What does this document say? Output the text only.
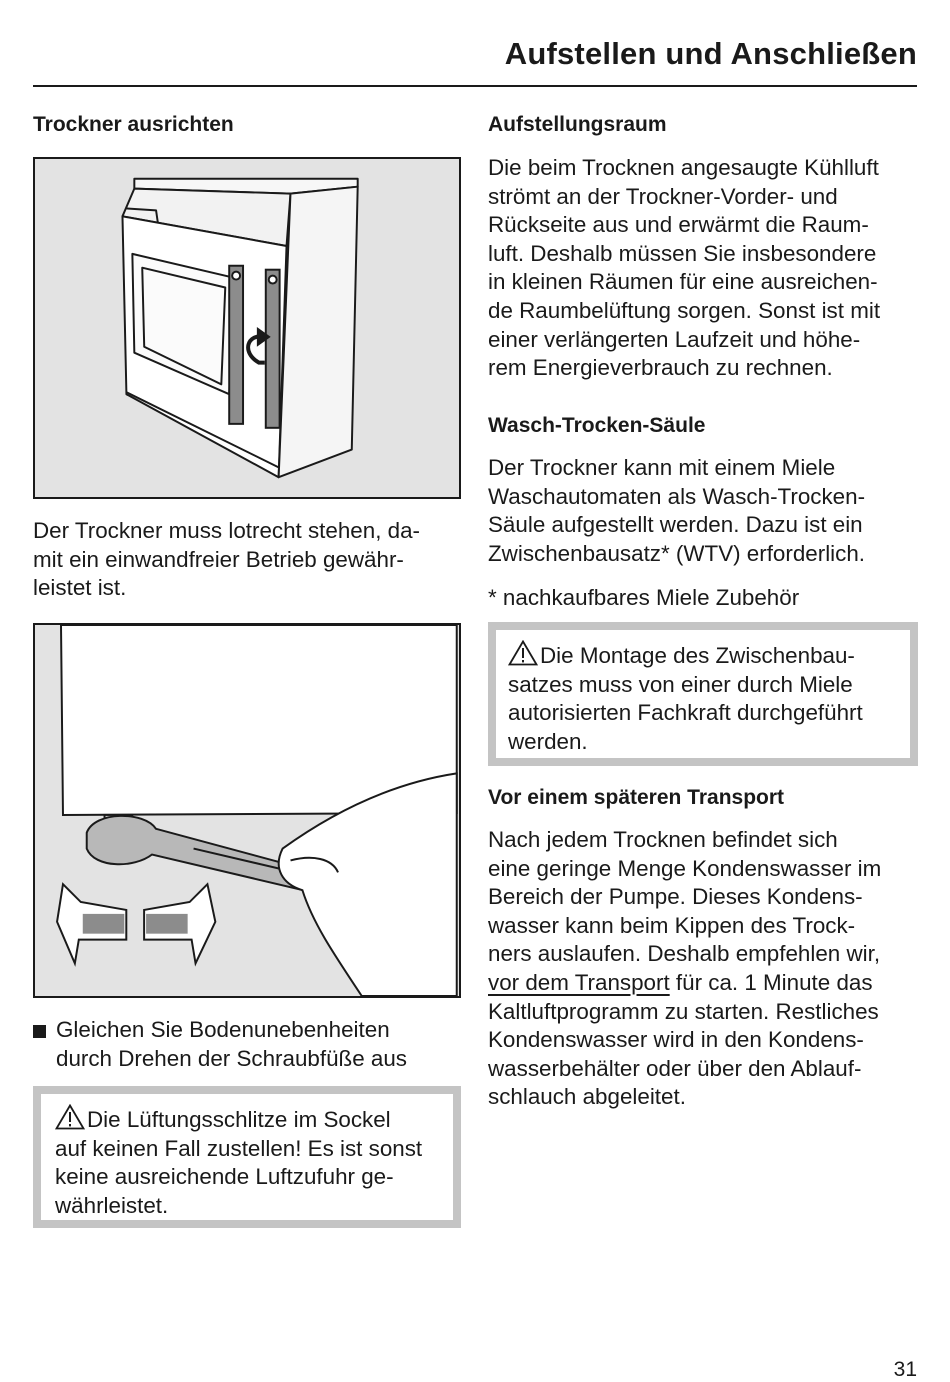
Aufstellen und Anschließen
Trockner ausrichten
Der Trockner muss lotrecht stehen, da-
mit ein einwandfreier Betrieb gewähr-
leistet ist.
Gleichen Sie Bodenunebenheiten
durch Drehen der Schraubfüße aus
Die Lüftungsschlitze im Sockel
auf keinen Fall zustellen! Es ist sonst
keine ausreichende Luftzufuhr ge-
währleistet.
Aufstellungsraum
Die beim Trocknen angesaugte Kühlluft
strömt an der Trockner-Vorder- und
Rückseite aus und erwärmt die Raum-
luft. Deshalb müssen Sie insbesondere
in kleinen Räumen für eine ausreichen-
de Raumbelüftung sorgen. Sonst ist mit
einer verlängerten Laufzeit und höhe-
rem Energieverbrauch zu rechnen.
Wasch-Trocken-Säule
Der Trockner kann mit einem Miele
Waschautomaten als Wasch-Trocken-
Säule aufgestellt werden. Dazu ist ein
Zwischenbausatz* (WTV) erforderlich.
* nachkaufbares Miele Zubehör
Die Montage des Zwischenbau-
satzes muss von einer durch Miele
autorisierten Fachkraft durchgeführt
werden.
Vor einem späteren Transport
Nach jedem Trocknen befindet sich
eine geringe Menge Kondenswasser im
Bereich der Pumpe. Dieses Kondens-
wasser kann beim Kippen des Trock-
ners auslaufen. Deshalb empfehlen wir,
vor dem Transport für ca. 1 Minute das
Kaltluftprogramm zu starten. Restliches
Kondenswasser wird in den Kondens-
wasserbehälter oder über den Ablauf-
schlauch abgeleitet.
31
